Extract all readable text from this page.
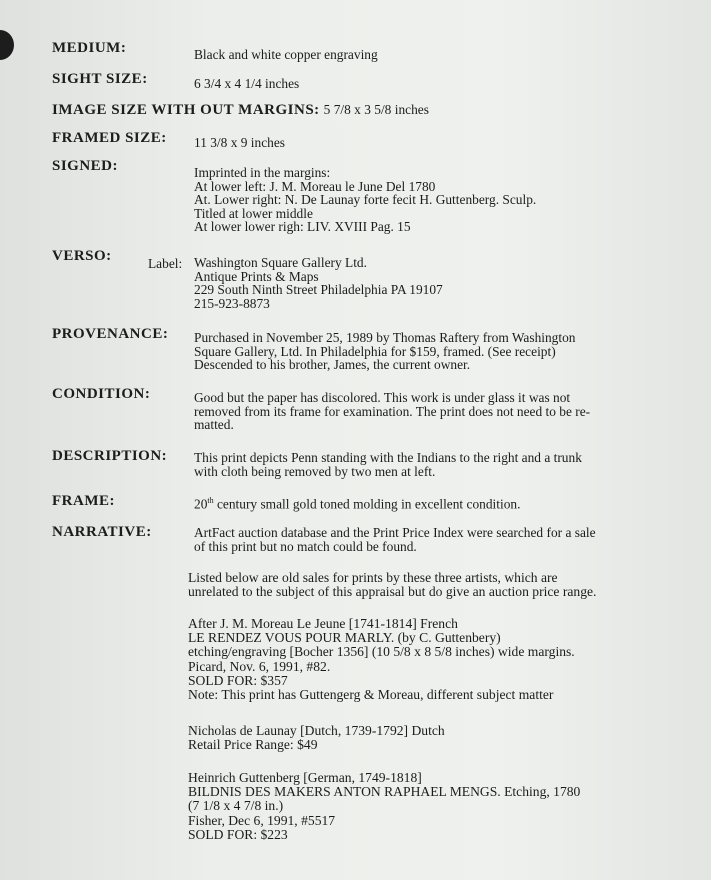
MEDIUM:	Black and white copper engraving
SIGHT SIZE:	6 3/4 x 4 1/4 inches
IMAGE SIZE WITH OUT MARGINS: 5 7/8 x 3 5/8 inches
FRAMED SIZE: 11 3/8 x 9 inches
SIGNED:	Imprinted in the margins:
At lower left: J. M. Moreau le June Del 1780
At. Lower right: N. De Launay forte fecit H. Guttenberg. Sculp.
Titled at lower middle
At lower lower righ: LIV. XVIII Pag. 15
VERSO:	Label: Washington Square Gallery Ltd.
Antique Prints & Maps
229 South Ninth Street Philadelphia PA 19107
215-923-8873
PROVENANCE: Purchased in November 25, 1989 by Thomas Raftery from Washington
Square Gallery, Ltd. In Philadelphia for $159, framed. (See receipt)
Descended to his brother, James, the current owner.
CONDITION:	Good but the paper has discolored. This work is under glass it was not
removed from its frame for examination. The print does not need to be re-
matted.
DESCRIPTION: This print depicts Penn standing with the Indians to the right and a trunk
with cloth being removed by two men at left.
FRAME:	20th century small gold toned molding in excellent condition.
NARRATIVE:	ArtFact auction database and the Print Price Index were searched for a sale
of this print but no match could be found.
Listed below are old sales for prints by these three artists, which are
unrelated to the subject of this appraisal but do give an auction price range.
After J. M. Moreau Le Jeune [1741-1814] French
LE RENDEZ VOUS POUR MARLY. (by C. Guttenbery)
etching/engraving [Bocher 1356] (10 5/8 x 8 5/8 inches) wide margins.
Picard, Nov. 6, 1991, #82.
SOLD FOR: $357
Note: This print has Guttengerg & Moreau, different subject matter
Nicholas de Launay [Dutch, 1739-1792] Dutch
Retail Price Range: $49
Heinrich Guttenberg [German, 1749-1818]
BILDNIS DES MAKERS ANTON RAPHAEL MENGS. Etching, 1780
(7 1/8 x 4 7/8 in.)
Fisher, Dec 6, 1991, #5517
SOLD FOR: $223
